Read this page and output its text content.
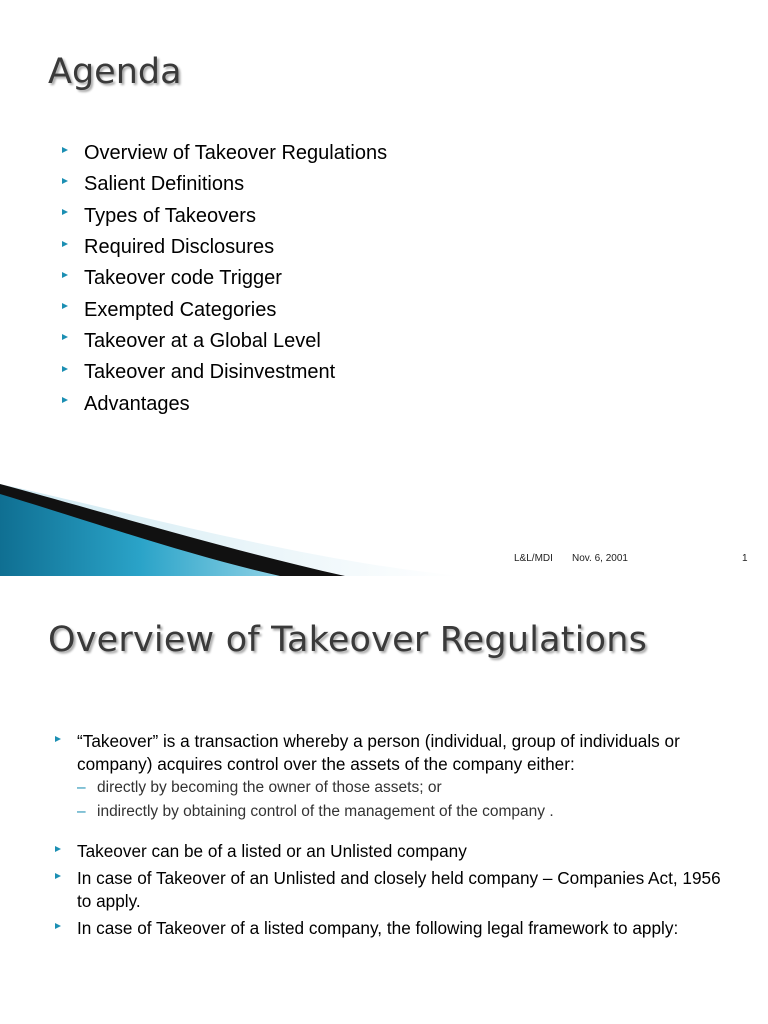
Agenda
Overview of Takeover Regulations
Salient Definitions
Types of Takeovers
Required Disclosures
Takeover code Trigger
Exempted Categories
Takeover at a Global Level
Takeover and Disinvestment
Advantages
L&L/MDI Nov. 6, 2001	1
Overview of Takeover Regulations
“Takeover” is a transaction whereby a person (individual, group of individuals or company) acquires control over the assets of the company either:
– directly by becoming the owner of those assets; or
– indirectly by obtaining control of the management of the company .
Takeover can be of a listed or an Unlisted company
In case of Takeover of an Unlisted and closely held company – Companies Act, 1956 to apply.
In case of Takeover of a listed company, the following legal framework to apply:
